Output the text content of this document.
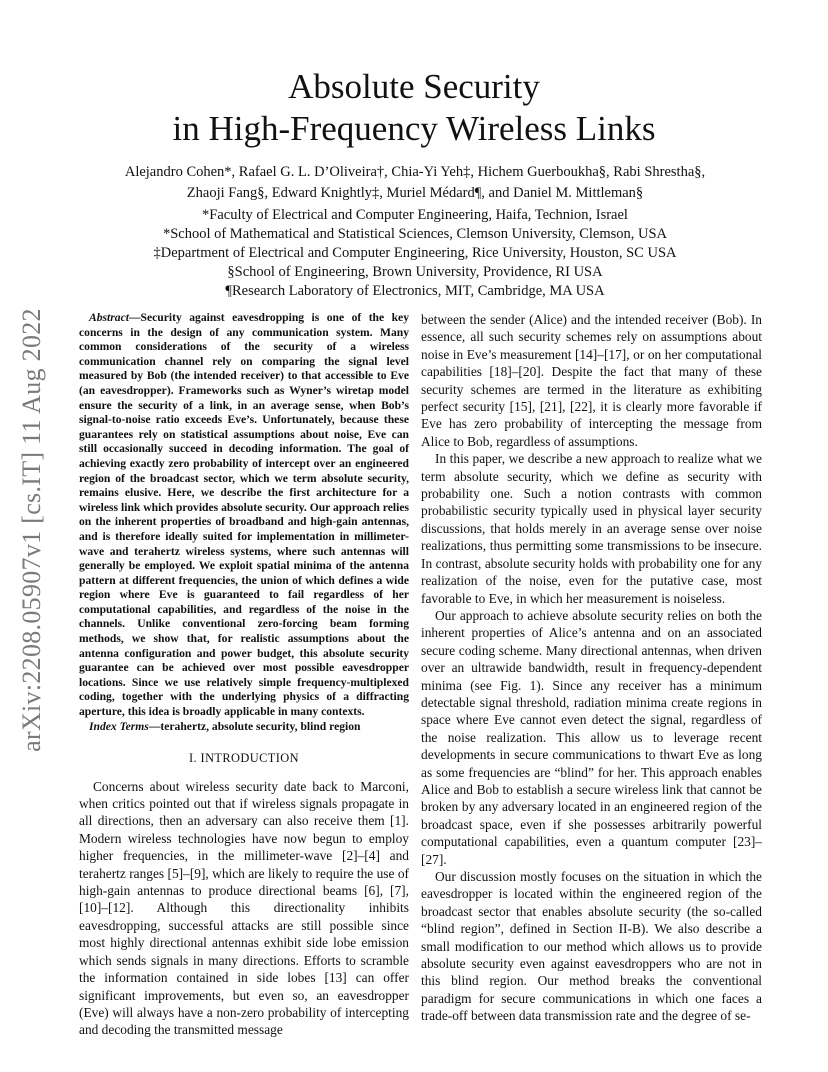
arXiv:2208.05907v1 [cs.IT] 11 Aug 2022
Absolute Security
in High-Frequency Wireless Links
Alejandro Cohen*, Rafael G. L. D’Oliveira†, Chia-Yi Yeh‡, Hichem Guerboukha§, Rabi Shrestha§,
Zhaoji Fang§, Edward Knightly‡, Muriel Médard¶, and Daniel M. Mittleman§
*Faculty of Electrical and Computer Engineering, Haifa, Technion, Israel
*School of Mathematical and Statistical Sciences, Clemson University, Clemson, USA
‡Department of Electrical and Computer Engineering, Rice University, Houston, SC USA
§School of Engineering, Brown University, Providence, RI USA
¶Research Laboratory of Electronics, MIT, Cambridge, MA USA

Abstract—Security against eavesdropping is one of the key concerns in the design of any communication system. Many common considerations of the security of a wireless communication channel rely on comparing the signal level measured by Bob (the intended receiver) to that accessible to Eve (an eavesdropper). Frameworks such as Wyner’s wiretap model ensure the security of a link, in an average sense, when Bob’s signal-to-noise ratio exceeds Eve’s. Unfortunately, because these guarantees rely on statistical assumptions about noise, Eve can still occasionally succeed in decoding information. The goal of achieving exactly zero probability of intercept over an engineered region of the broadcast sector, which we term absolute security, remains elusive. Here, we describe the first architecture for a wireless link which provides absolute security. Our approach relies on the inherent properties of broadband and high-gain antennas, and is therefore ideally suited for implementation in millimeter-wave and terahertz wireless systems, where such antennas will generally be employed. We exploit spatial minima of the antenna pattern at different frequencies, the union of which defines a wide region where Eve is guaranteed to fail regardless of her computational capabilities, and regardless of the noise in the channels. Unlike conventional zero-forcing beam forming methods, we show that, for realistic assumptions about the antenna configuration and power budget, this absolute security guarantee can be achieved over most possible eavesdropper locations. Since we use relatively simple frequency-multiplexed coding, together with the underlying physics of a diffracting aperture, this idea is broadly applicable in many contexts.

Index Terms—terahertz, absolute security, blind region

I. INTRODUCTION

Concerns about wireless security date back to Marconi, when critics pointed out that if wireless signals propagate in all directions, then an adversary can also receive them [1]. Modern wireless technologies have now begun to employ higher frequencies, in the millimeter-wave [2]–[4] and terahertz ranges [5]–[9], which are likely to require the use of high-gain antennas to produce directional beams [6], [7], [10]–[12]. Although this directionality inhibits eavesdropping, successful attacks are still possible since most highly directional antennas exhibit side lobe emission which sends signals in many directions. Efforts to scramble the information contained in side lobes [13] can offer significant improvements, but even so, an eavesdropper (Eve) will always have a non-zero probability of intercepting and decoding the transmitted message

between the sender (Alice) and the intended receiver (Bob). In essence, all such security schemes rely on assumptions about noise in Eve’s measurement [14]–[17], or on her computational capabilities [18]–[20]. Despite the fact that many of these security schemes are termed in the literature as exhibiting perfect security [15], [21], [22], it is clearly more favorable if Eve has zero probability of intercepting the message from Alice to Bob, regardless of assumptions.

In this paper, we describe a new approach to realize what we term absolute security, which we define as security with probability one. Such a notion contrasts with common probabilistic security typically used in physical layer security discussions, that holds merely in an average sense over noise realizations, thus permitting some transmissions to be insecure. In contrast, absolute security holds with probability one for any realization of the noise, even for the putative case, most favorable to Eve, in which her measurement is noiseless.

Our approach to achieve absolute security relies on both the inherent properties of Alice’s antenna and on an associated secure coding scheme. Many directional antennas, when driven over an ultrawide bandwidth, result in frequency-dependent minima (see Fig. 1). Since any receiver has a minimum detectable signal threshold, radiation minima create regions in space where Eve cannot even detect the signal, regardless of the noise realization. This allow us to leverage recent developments in secure communications to thwart Eve as long as some frequencies are “blind” for her. This approach enables Alice and Bob to establish a secure wireless link that cannot be broken by any adversary located in an engineered region of the broadcast space, even if she possesses arbitrarily powerful computational capabilities, even a quantum computer [23]–[27].

Our discussion mostly focuses on the situation in which the eavesdropper is located within the engineered region of the broadcast sector that enables absolute security (the so-called “blind region”, defined in Section II-B). We also describe a small modification to our method which allows us to provide absolute security even against eavesdroppers who are not in this blind region. Our method breaks the conventional paradigm for secure communications in which one faces a trade-off between data transmission rate and the degree of se-
